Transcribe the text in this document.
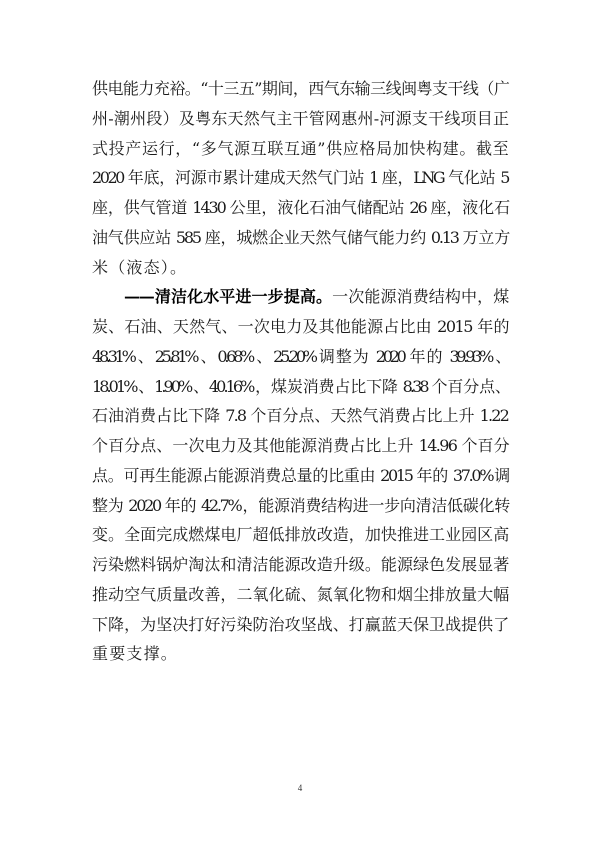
供电能力充裕。“十三五”期间，西气东输三线闽粤支干线（广
州-潮州段）及粤东天然气主干管网惠州-河源支干线项目正
式投产运行，“多气源互联互通”供应格局加快构建。截至
2020 年底，河源市累计建成天然气门站 1 座，LNG 气化站 5
座，供气管道 1430 公里，液化石油气储配站 26 座，液化石
油气供应站 585 座，城燃企业天然气储气能力约 0.13 万立方
米（液态）。
——清洁化水平进一步提高。一次能源消费结构中，煤
炭、石油、天然气、一次电力及其他能源占比由 2015 年的
48.31%、25.81%、0.68%、25.20%调整为 2020 年的 39.93%、
18.01%、1.90%、40.16%，煤炭消费占比下降 8.38 个百分点、
石油消费占比下降 7.8 个百分点、天然气消费占比上升 1.22
个百分点、一次电力及其他能源消费占比上升 14.96 个百分
点。可再生能源占能源消费总量的比重由 2015 年的 37.0%调
整为 2020 年的 42.7%，能源消费结构进一步向清洁低碳化转
变。全面完成燃煤电厂超低排放改造，加快推进工业园区高
污染燃料锅炉淘汰和清洁能源改造升级。能源绿色发展显著
推动空气质量改善，二氧化硫、氮氧化物和烟尘排放量大幅
下降，为坚决打好污染防治攻坚战、打赢蓝天保卫战提供了
重要支撑。
4
